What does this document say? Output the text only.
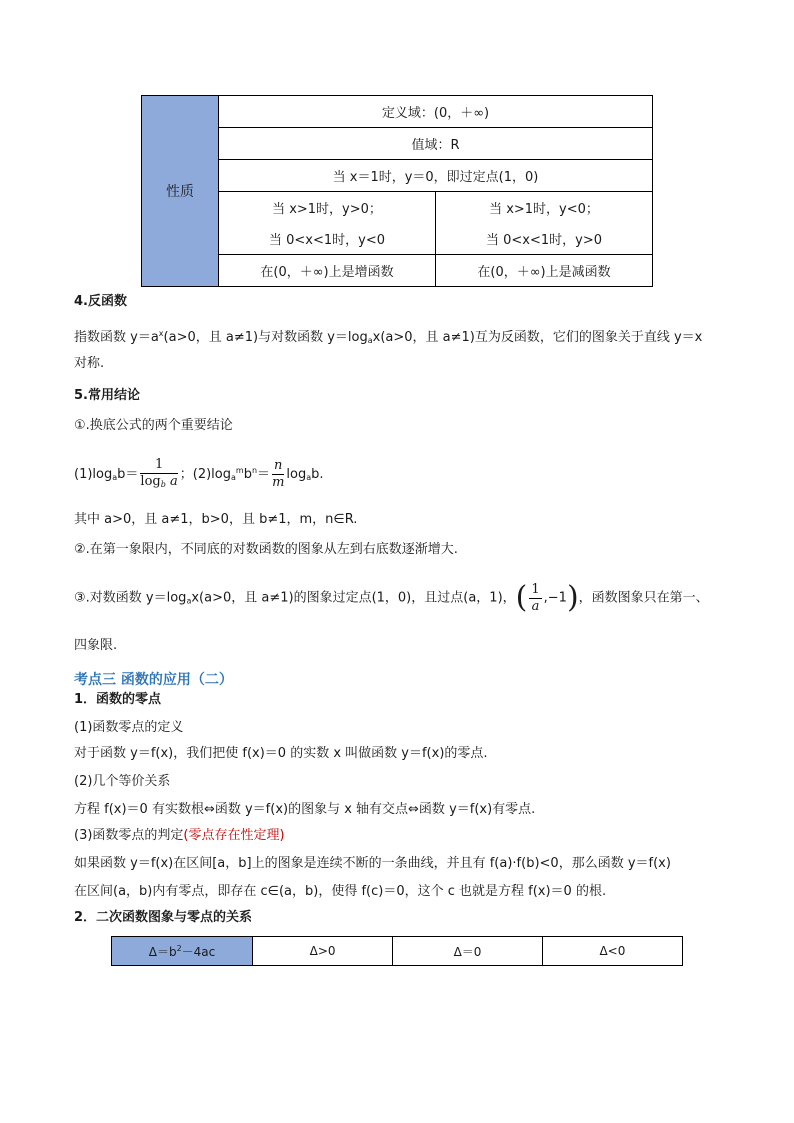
性质	定义域：(0，＋∞)	
	值域：R	
	当 x＝1时，y＝0，即过定点(1，0)	
	当 x>1时，y>0；	当 x>1时，y<0；
	当 0<x<1时，y<0	当 0<x<1时，y>0
	在(0，＋∞)上是增函数	在(0，＋∞)上是减函数
4.反函数
指数函数 $y=a^x(a>0$，且 a≠1)与对数函数 y＝logax(a>0，且 a≠1)互为反函数，它们的图象关于直线 y＝x
对称.
5.常用结论
①.换底公式的两个重要结论
(1)logab＝ $\frac{1}{\text{logb a}}$ ；$(2)\log a^mb^n= \frac{n}{m}$ logab.
其中 a>0，且 a≠1，b>0，且 b≠1，m，n∈R.
②.在第一象限内，不同底的对数函数的图象从左到右底数逐渐增大.
③.对数函数 y＝logax(a>0，且 a≠1)的图象过定点(1，0)，且过点(a，1)，( $\frac{1}{a} ,-1$)，函数图象只在第一、
四象限.
考点三 函数的应用（二）
1．函数的零点
(1)函数零点的定义
对于函数 y＝f(x)，我们把使 f(x)＝0 的实数 x 叫做函数 y＝f(x)的零点.
(2)几个等价关系
方程 f(x)＝0 有实数根⇔函数 y＝f(x)的图象与 x 轴有交点⇔函数 y＝f(x)有零点.
(3)函数零点的判定(零点存在性定理)
如果函数 y＝f(x)在区间[a，b]上的图象是连续不断的一条曲线，并且有 f(a)·f(b)<0，那么函数 y＝f(x)
在区间(a，b)内有零点，即存在 c∈(a，b)，使得 f(c)＝0，这个 c 也就是方程 f(x)＝0 的根.
2．二次函数图象与零点的关系
$\Delta=b^2-4ac$	Δ>0	Δ＝0	Δ<0
